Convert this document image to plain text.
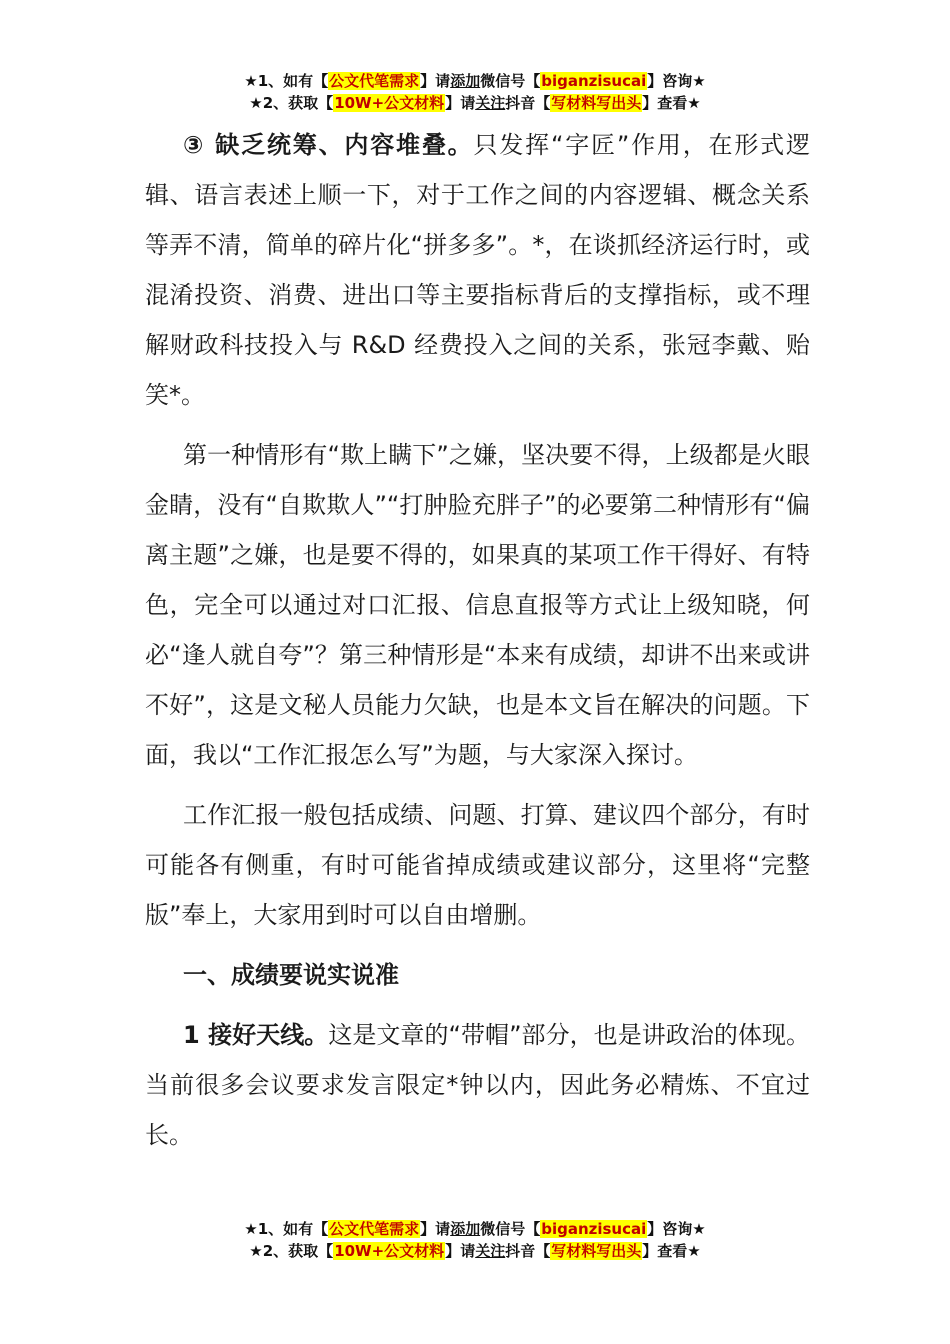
★1、如有【公文代笔需求】请添加微信号【biganzisucai】咨询★
★2、获取【10W+公文材料】请关注抖音【写材料写出头】查看★

③ 缺乏统筹、内容堆叠。只发挥“字匠”作用，在形式逻辑、语言表述上顺一下，对于工作之间的内容逻辑、概念关系等弄不清，简单的碎片化“拼多多”。*，在谈抓经济运行时，或混淆投资、消费、进出口等主要指标背后的支撑指标，或不理解财政科技投入与 R&D 经费投入之间的关系，张冠李戴、贻笑*。

第一种情形有“欺上瞒下”之嫌，坚决要不得，上级都是火眼金睛，没有“自欺欺人”“打肿脸充胖子”的必要第二种情形有“偏离主题”之嫌，也是要不得的，如果真的某项工作干得好、有特色，完全可以通过对口汇报、信息直报等方式让上级知晓，何必“逢人就自夸”？第三种情形是“本来有成绩，却讲不出来或讲不好”，这是文秘人员能力欠缺，也是本文旨在解决的问题。下面，我以“工作汇报怎么写”为题，与大家深入探讨。

工作汇报一般包括成绩、问题、打算、建议四个部分，有时可能各有侧重，有时可能省掉成绩或建议部分，这里将“完整版”奉上，大家用到时可以自由增删。

一、成绩要说实说准

1 接好天线。这是文章的“带帽”部分，也是讲政治的体现。当前很多会议要求发言限定*钟以内，因此务必精炼、不宜过长。

★1、如有【公文代笔需求】请添加微信号【biganzisucai】咨询★
★2、获取【10W+公文材料】请关注抖音【写材料写出头】查看★
